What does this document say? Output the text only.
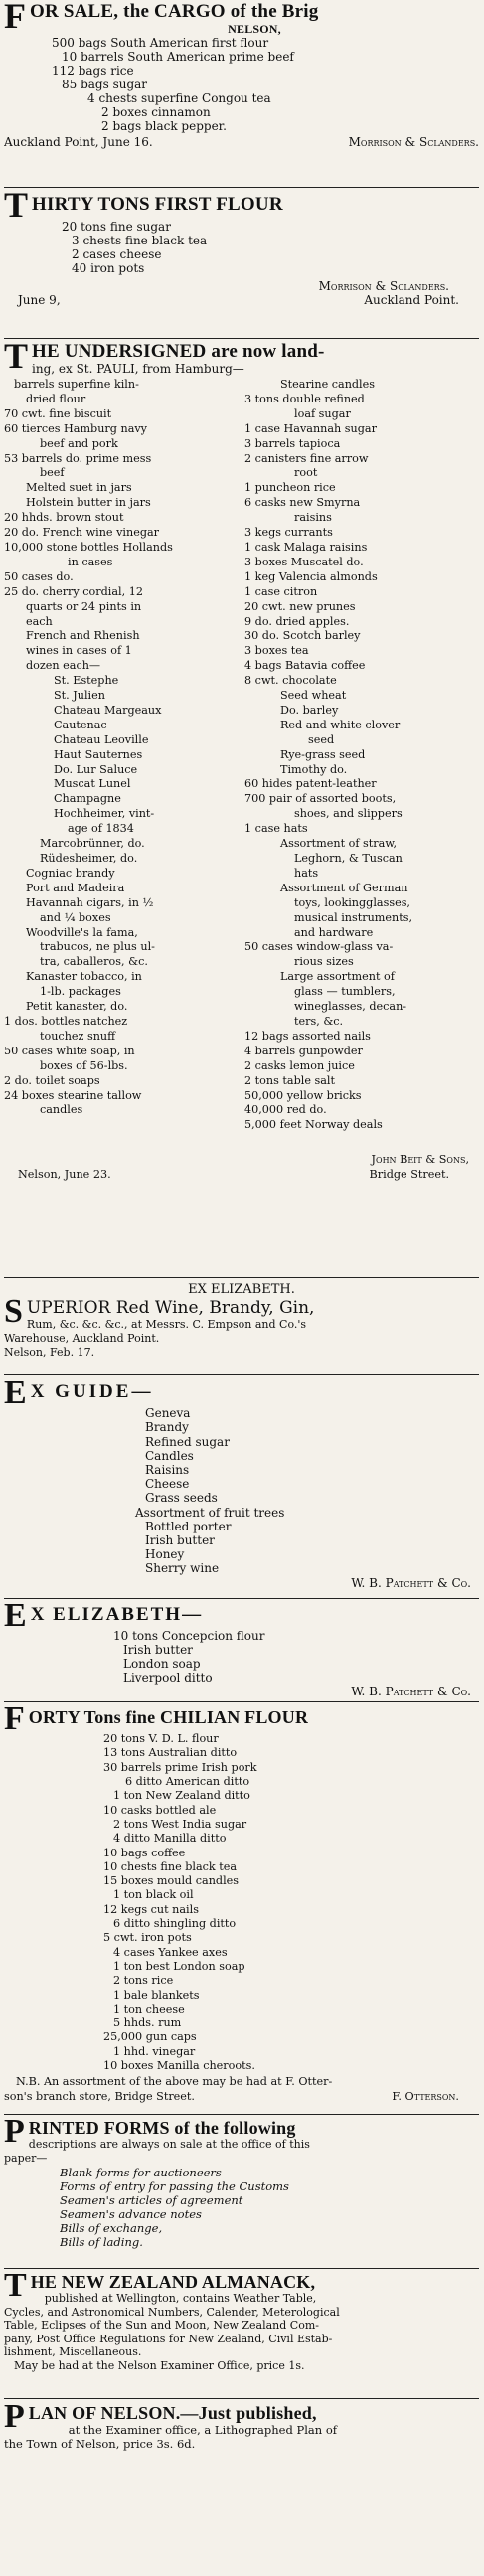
F OR SALE, the CARGO of the Brig
NELSON,
500 bags South American first flour
10 barrels South American prime beef
112 bags rice
85 bags sugar
4 chests superfine Congou tea
2 boxes cinnamon
2 bags black pepper.
Auckland Point, June 16.	Morrison & Sclanders.
T HIRTY TONS FIRST FLOUR
20 tons fine sugar
3 chests fine black tea
2 cases cheese
40 iron pots
Morrison & Sclanders.
June 9,	Auckland Point.
T HE UNDERSIGNED are now land-
ing, ex St. PAULI, from Hamburg—
barrels superfine kiln-
dried flour
70 cwt. fine biscuit
60 tierces Hamburg navy
beef and pork
53 barrels do. prime mess
beef
Melted suet in jars
Holstein butter in jars
20 hhds. brown stout
20 do. French wine vinegar
10,000 stone bottles Hollands
in cases
50 cases do.
25 do. cherry cordial, 12
quarts or 24 pints in
each
French and Rhenish
wines in cases of 1
dozen each—
St. Estephe
St. Julien
Chateau Margeaux
Cautenac
Chateau Leoville
Haut Sauternes
Do. Lur Saluce
Muscat Lunel
Champagne
Hochheimer, vint-
age of 1834
Marcobrünner, do.
Rüdesheimer, do.
Cogniac brandy
Port and Madeira
Havannah cigars, in ½
and ¼ boxes
Woodville's la fama,
trabucos, ne plus ul-
tra, caballeros, &c.
Kanaster tobacco, in
1-lb. packages
Petit kanaster, do.
1 dos. bottles natchez
touchez snuff
50 cases white soap, in
boxes of 56-lbs.
2 do. toilet soaps
24 boxes stearine tallow
candles
Stearine candles
3 tons double refined
loaf sugar
1 case Havannah sugar
3 barrels tapioca
2 canisters fine arrow
root
1 puncheon rice
6 casks new Smyrna
raisins
3 kegs currants
1 cask Malaga raisins
3 boxes Muscatel do.
1 keg Valencia almonds
1 case citron
20 cwt. new prunes
9 do. dried apples.
30 do. Scotch barley
3 boxes tea
4 bags Batavia coffee
8 cwt. chocolate
Seed wheat
Do. barley
Red and white clover
seed
Rye-grass seed
Timothy do.
60 hides patent-leather
700 pair of assorted boots,
shoes, and slippers
1 case hats
Assortment of straw,
Leghorn, & Tuscan
hats
Assortment of German
toys, lookingglasses,
musical instruments,
and hardware
50 cases window-glass va-
rious sizes
Large assortment of
glass — tumblers,
wineglasses, decan-
ters, &c.
12 bags assorted nails
4 barrels gunpowder
2 casks lemon juice
2 tons table salt
50,000 yellow bricks
40,000 red do.
5,000 feet Norway deals
John Beit & Sons,
Nelson, June 23.	Bridge Street.
EX ELIZABETH.
S UPERIOR Red Wine, Brandy, Gin,
Rum, &c. &c. &c., at Messrs. C. Empson and Co.'s
Warehouse, Auckland Point.
Nelson, Feb. 17.
E X GUIDE—
Geneva
Brandy
Refined sugar
Candles
Raisins
Cheese
Grass seeds
Assortment of fruit trees
Bottled porter
Irish butter
Honey
Sherry wine
W. B. Patchett & Co.
E X ELIZABETH—
10 tons Concepcion flour
Irish butter
London soap
Liverpool ditto
W. B. Patchett & Co.
F ORTY Tons fine CHILIAN FLOUR
20 tons V. D. L. flour
13 tons Australian ditto
30 barrels prime Irish pork
6 ditto American ditto
1 ton New Zealand ditto
10 casks bottled ale
2 tons West India sugar
4 ditto Manilla ditto
10 bags coffee
10 chests fine black tea
15 boxes mould candles
1 ton black oil
12 kegs cut nails
6 ditto shingling ditto
5 cwt. iron pots
4 cases Yankee axes
1 ton best London soap
2 tons rice
1 bale blankets
1 ton cheese
5 hhds. rum
25,000 gun caps
1 hhd. vinegar
10 boxes Manilla cheroots.
N.B. An assortment of the above may be had at F. Otter-
son's branch store, Bridge Street.	F. Otterson.
P RINTED FORMS of the following
descriptions are always on sale at the office of this
paper—
Blank forms for auctioneers
Forms of entry for passing the Customs
Seamen's articles of agreement
Seamen's advance notes
Bills of exchange,
Bills of lading.
T HE NEW ZEALAND ALMANACK,
published at Wellington, contains Weather Table,
Cycles, and Astronomical Numbers, Calender, Meterological
Table, Eclipses of the Sun and Moon, New Zealand Com-
pany, Post Office Regulations for New Zealand, Civil Estab-
lishment, Miscellaneous.
May be had at the Nelson Examiner Office, price 1s.
P LAN OF NELSON.—Just published,
at the Examiner office, a Lithographed Plan of
the Town of Nelson, price 3s. 6d.
